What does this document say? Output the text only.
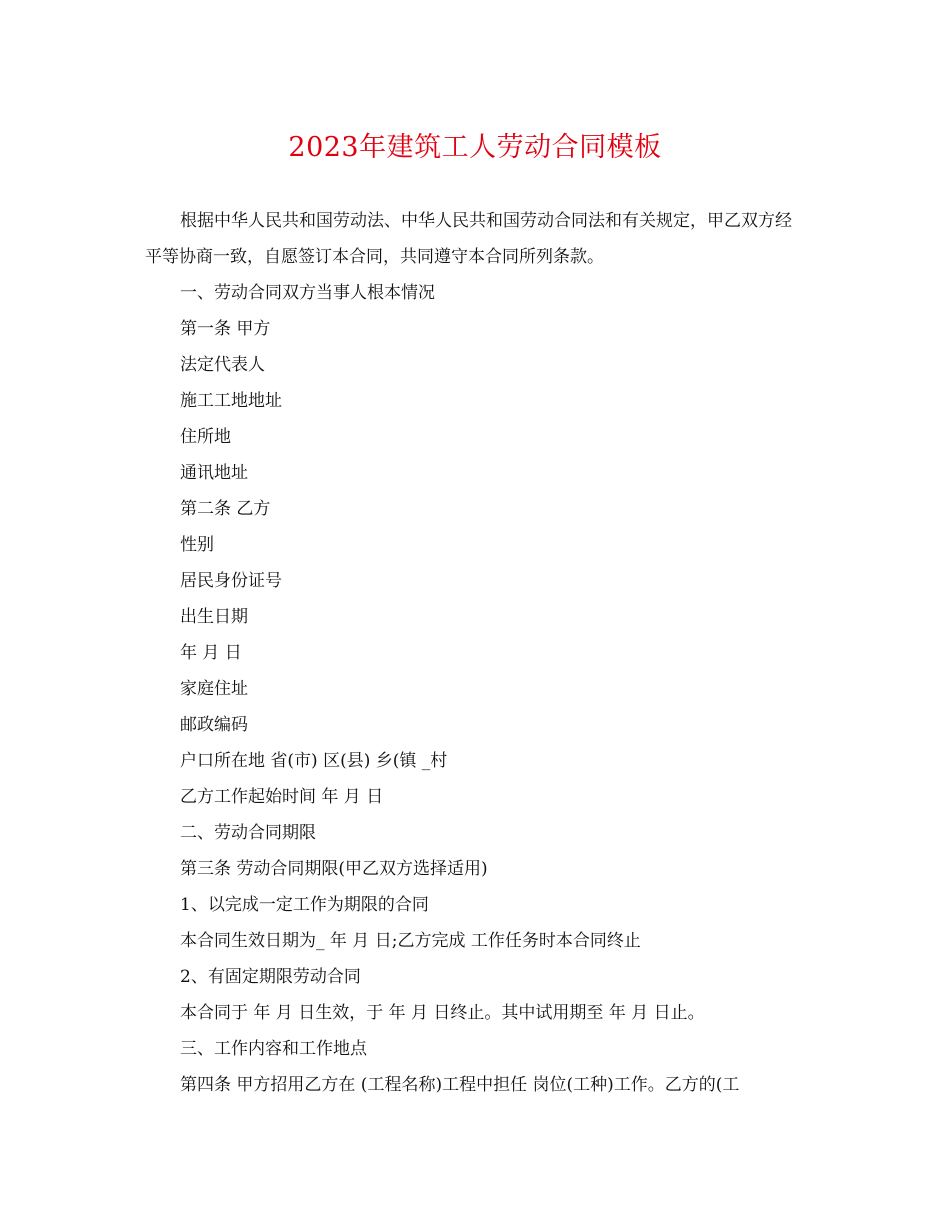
2023年建筑工人劳动合同模板

根据中华人民共和国劳动法、中华人民共和国劳动合同法和有关规定，甲乙双方经平等协商一致，自愿签订本合同，共同遵守本合同所列条款。

一、劳动合同双方当事人根本情况

第一条 甲方

法定代表人

施工工地地址

住所地

通讯地址

第二条 乙方

性别

居民身份证号

出生日期

年 月 日

家庭住址

邮政编码

户口所在地 省(市) 区(县) 乡(镇 _村

乙方工作起始时间 年 月 日

二、劳动合同期限

第三条 劳动合同期限(甲乙双方选择适用)

1、以完成一定工作为期限的合同

本合同生效日期为_ 年 月 日;乙方完成 工作任务时本合同终止

2、有固定期限劳动合同

本合同于 年 月 日生效，于 年 月 日终止。其中试用期至 年 月 日止。

三、工作内容和工作地点

第四条 甲方招用乙方在 (工程名称)工程中担任 岗位(工种)工作。乙方的(工
